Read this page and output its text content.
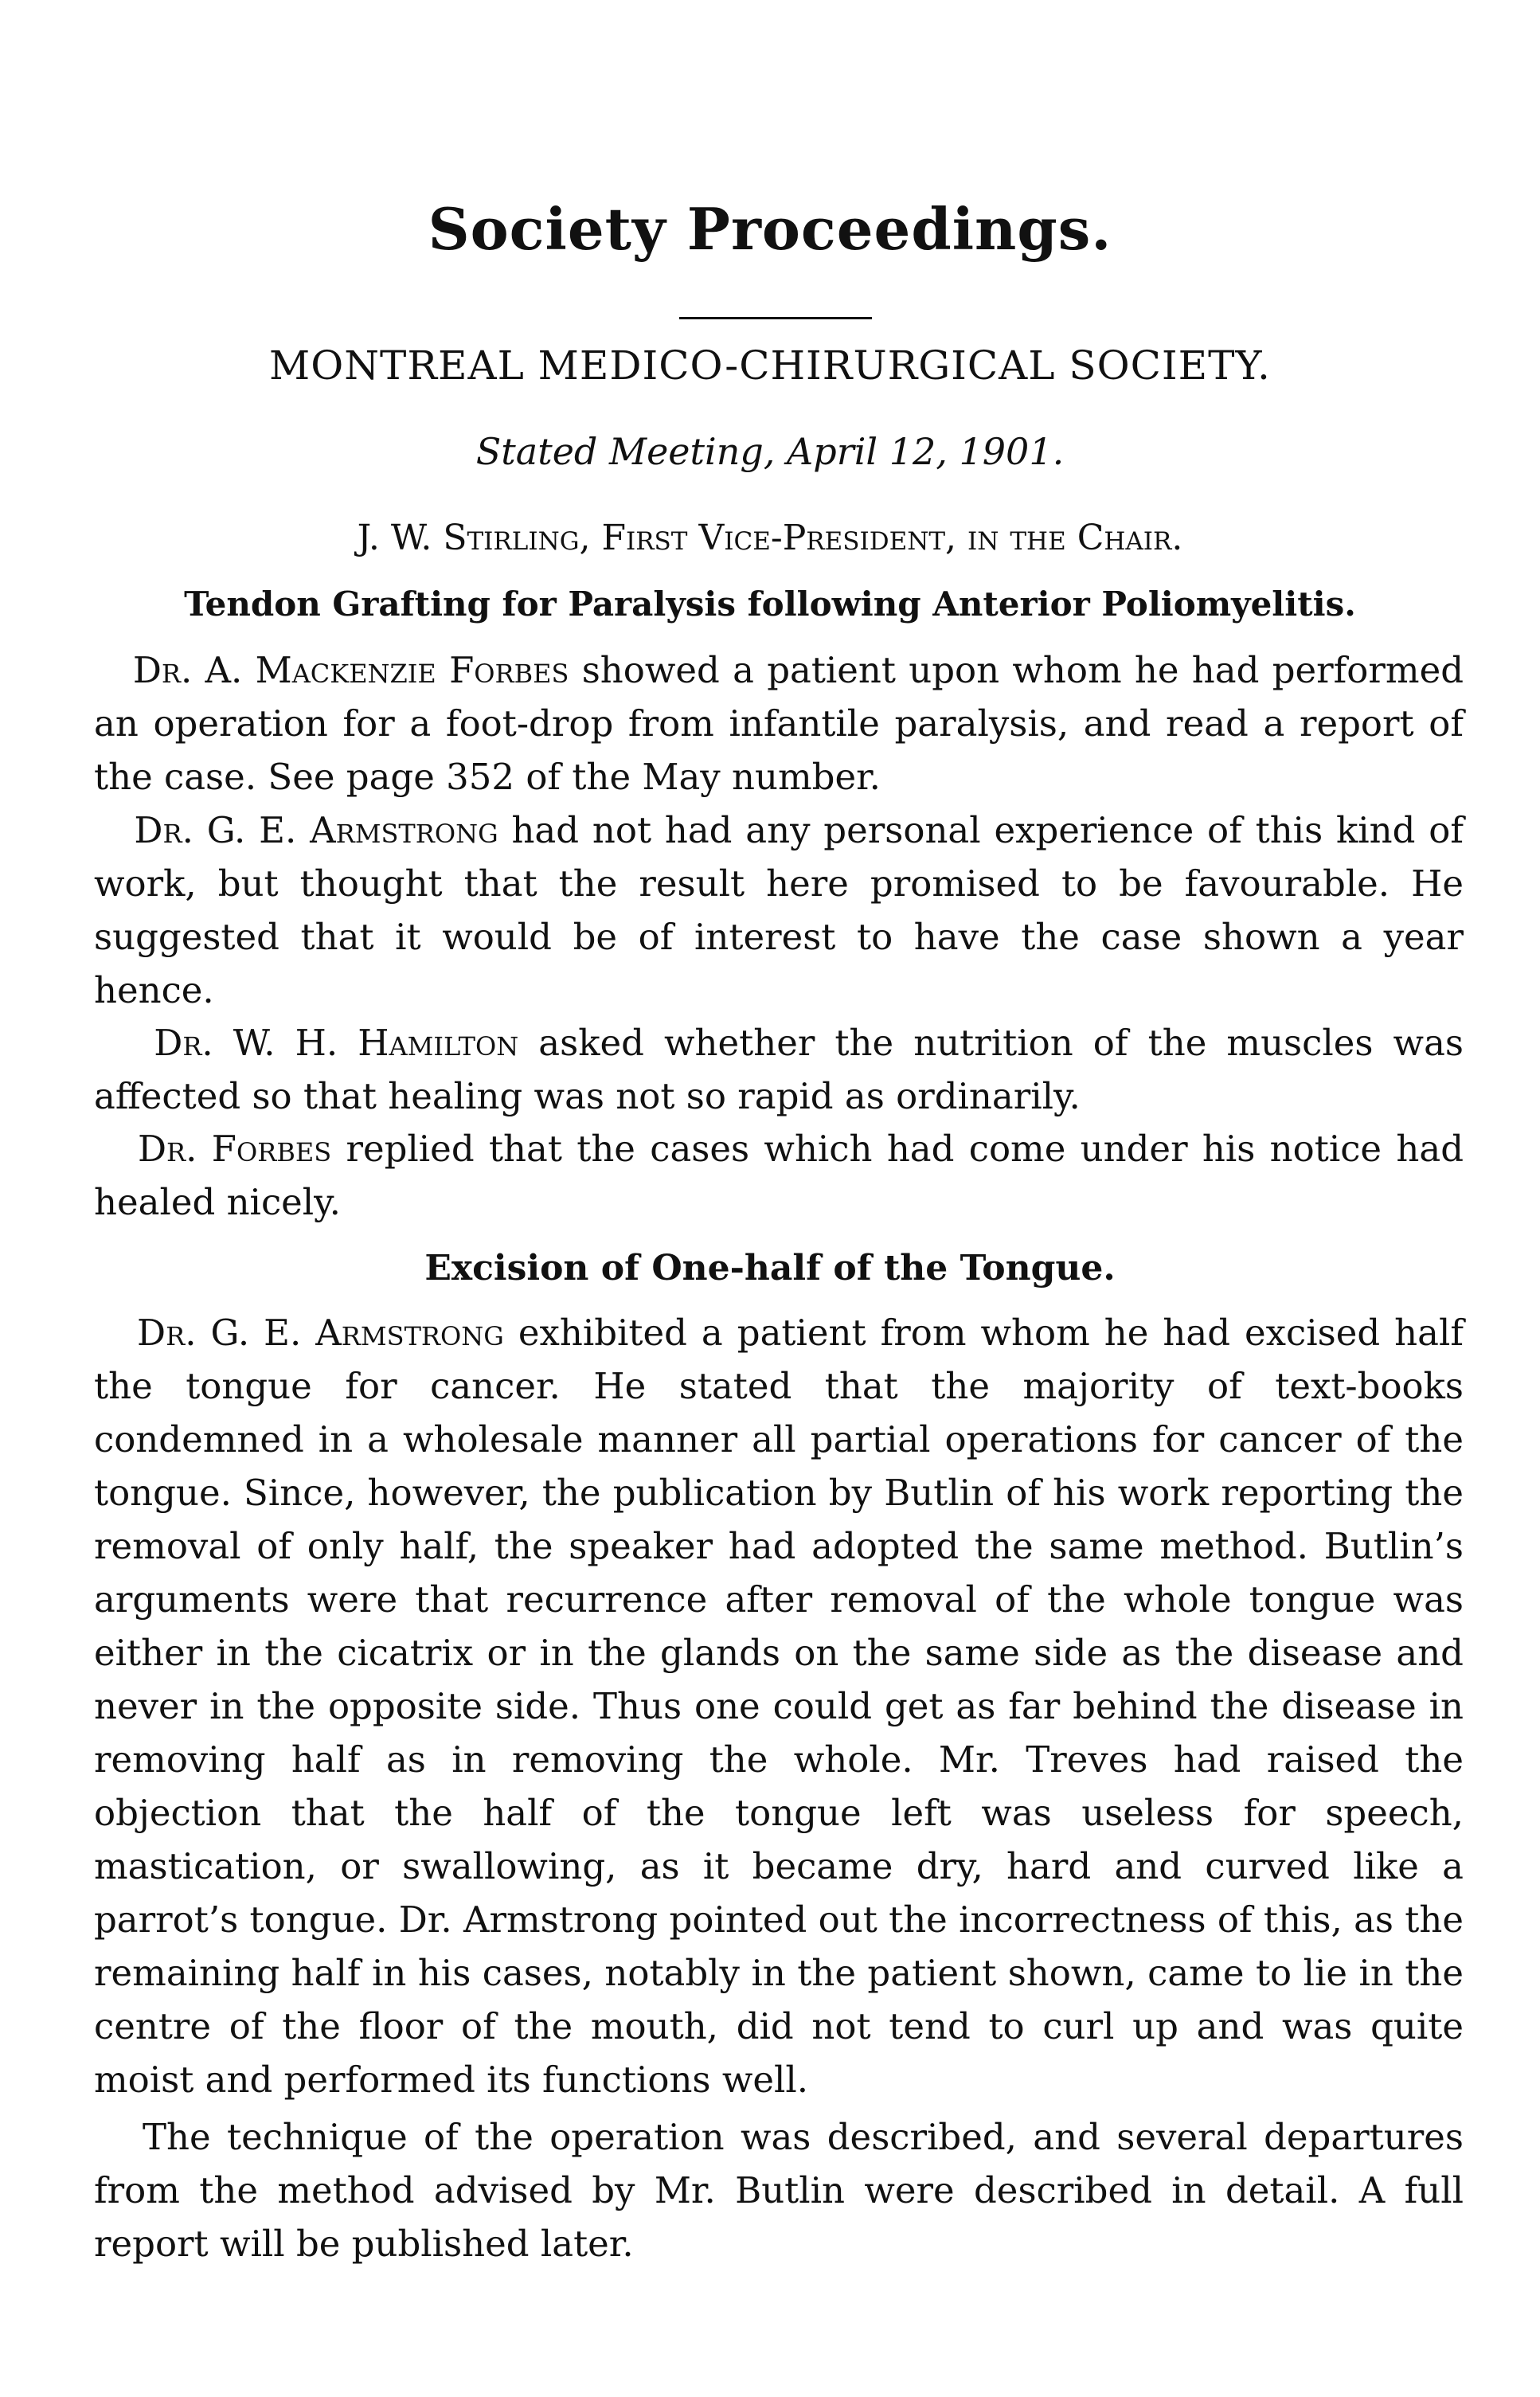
Society Proceedings.
MONTREAL MEDICO-CHIRURGICAL SOCIETY.
Stated Meeting, April 12, 1901.
J. W. Stirling, First Vice-President, in the Chair.
Tendon Grafting for Paralysis following Anterior Poliomyelitis.
Dr. A. Mackenzie Forbes showed a patient upon whom he had performed an operation for a foot-drop from infantile paralysis, and read a report of the case. See page 352 of the May number.
Dr. G. E. Armstrong had not had any personal experience of this kind of work, but thought that the result here promised to be favourable. He suggested that it would be of interest to have the case shown a year hence.
Dr. W. H. Hamilton asked whether the nutrition of the muscles was affected so that healing was not so rapid as ordinarily.
Dr. Forbes replied that the cases which had come under his notice had healed nicely.
Excision of One-half of the Tongue.
Dr. G. E. Armstrong exhibited a patient from whom he had excised half the tongue for cancer. He stated that the majority of text-books condemned in a wholesale manner all partial operations for cancer of the tongue. Since, however, the publication by Butlin of his work reporting the removal of only half, the speaker had adopted the same method. Butlin’s arguments were that recurrence after removal of the whole tongue was either in the cicatrix or in the glands on the same side as the disease and never in the opposite side. Thus one could get as far behind the disease in removing half as in removing the whole. Mr. Treves had raised the objection that the half of the tongue left was useless for speech, mastication, or swallowing, as it became dry, hard and curved like a parrot’s tongue. Dr. Armstrong pointed out the incorrectness of this, as the remaining half in his cases, notably in the patient shown, came to lie in the centre of the floor of the mouth, did not tend to curl up and was quite moist and performed its functions well.
The technique of the operation was described, and several departures from the method advised by Mr. Butlin were described in detail. A full report will be published later.
